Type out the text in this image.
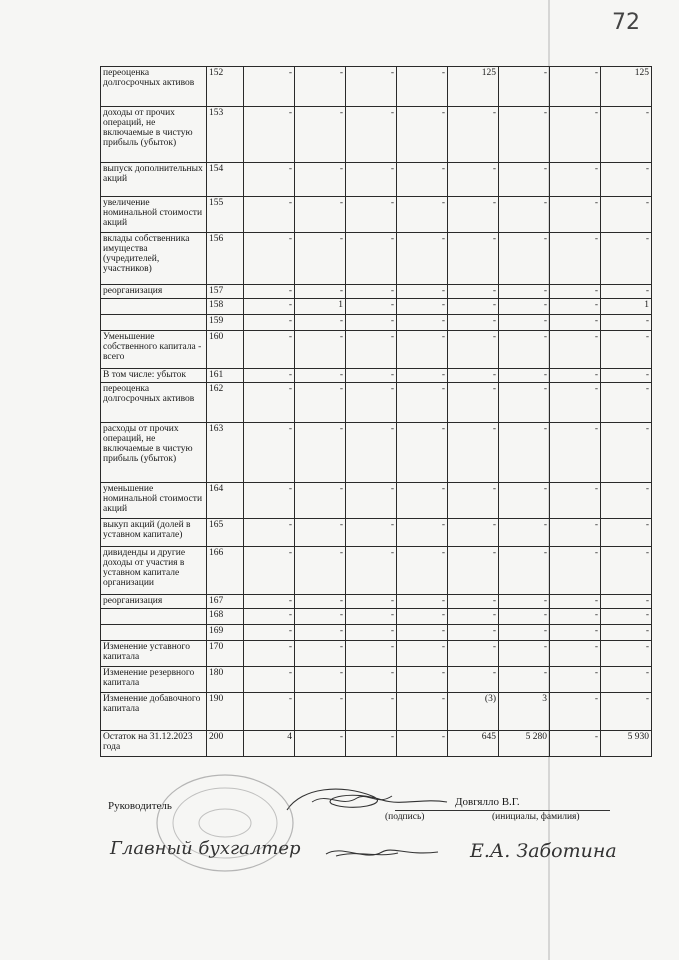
72
переоценка долгосрочных активов	152	-	-	-	-	125	-	-	125
доходы от прочих операций, не включаемые в чистую прибыль (убыток)	153	-	-	-	-	-	-	-	-
выпуск дополнительных акций	154	-	-	-	-	-	-	-	-
увеличение номинальной стоимости акций	155	-	-	-	-	-	-	-	-
вклады собственника имущества (учредителей, участников)	156	-	-	-	-	-	-	-	-
реорганизация	157	-	-	-	-	-	-	-	-
	158	-	1	-	-	-	-	-	1
	159	-	-	-	-	-	-	-	-
Уменьшение собственного капитала - всего	160	-	-	-	-	-	-	-	-
В том числе: убыток	161	-	-	-	-	-	-	-	-
переоценка долгосрочных активов	162	-	-	-	-	-	-	-	-
расходы от прочих операций, не включаемые в чистую прибыль (убыток)	163	-	-	-	-	-	-	-	-
уменьшение номинальной стоимости акций	164	-	-	-	-	-	-	-	-
выкуп акций (долей в уставном капитале)	165	-	-	-	-	-	-	-	-
дивиденды и другие доходы от участия в уставном капитале организации	166	-	-	-	-	-	-	-	-
реорганизация	167	-	-	-	-	-	-	-	-
	168	-	-	-	-	-	-	-	-
	169	-	-	-	-	-	-	-	-
Изменение уставного капитала	170	-	-	-	-	-	-	-	-
Изменение резервного капитала	180	-	-	-	-	-	-	-	-
Изменение добавочного капитала	190	-	-	-	-	(3)	3	-	-
Остаток на 31.12.2023 года	200	4	-	-	-	645	5 280	-	5 930
Руководитель	Довгялло В.Г.
(подпись)	(инициалы, фамилия)
Главный бухгалтер	Е.А. Заботина
